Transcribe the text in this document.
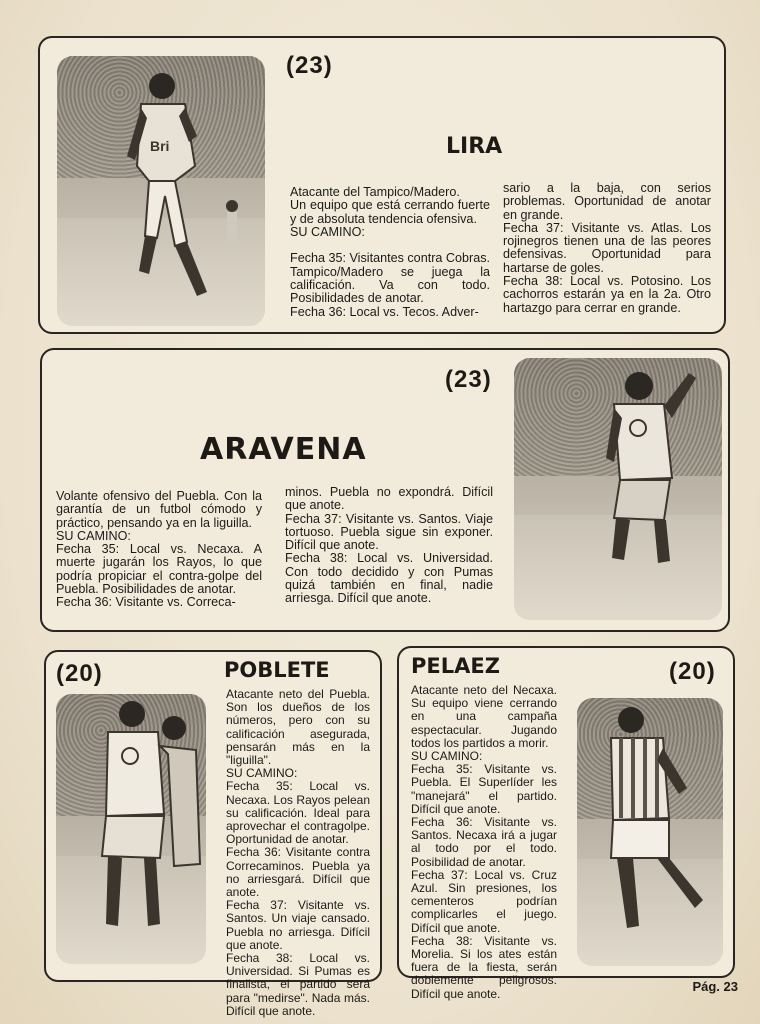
Bri
(23)
LIRA
Atacante del Tampico/Madero.
Un equipo que está cerrando fuerte y de absoluta tendencia ofensiva.
SU CAMINO:

Fecha 35: Visitantes contra Cobras. Tampico/Madero se juega la calificación. Va con todo. Posibilidades de anotar.
Fecha 36: Local vs. Tecos. Adver-
sario a la baja, con serios problemas. Oportunidad de anotar en grande.
Fecha 37: Visitante vs. Atlas. Los rojinegros tienen una de las peores defensivas. Oportunidad para hartarse de goles.
Fecha 38: Local vs. Potosino. Los cachorros estarán ya en la 2a. Otro hartazgo para cerrar en grande.
(23)
ARAVENA
Volante ofensivo del Puebla. Con la garantía de un futbol cómodo y práctico, pensando ya en la liguilla.
SU CAMINO:
Fecha 35: Local vs. Necaxa. A muerte jugarán los Rayos, lo que podría propiciar el contra-golpe del Puebla. Posibilidades de anotar.
Fecha 36: Visitante vs. Correca-
minos. Puebla no expondrá. Difícil que anote.
Fecha 37: Visitante vs. Santos. Viaje tortuoso. Puebla sigue sin exponer. Difícil que anote.
Fecha 38: Local vs. Universidad. Con todo decidido y con Pumas quizá también en final, nadie arriesga. Difícil que anote.
(20)	POBLETE
Atacante neto del Puebla. Son los dueños de los números, pero con su calificación asegurada, pensarán más en la "liguilla".
SU CAMINO:
Fecha 35: Local vs. Necaxa. Los Rayos pelean su calificación. Ideal para aprovechar el contragolpe. Oportunidad de anotar.
Fecha 36: Visitante contra Correcaminos. Puebla ya no arriesgará. Difícil que anote.
Fecha 37: Visitante vs. Santos. Un viaje cansado. Puebla no arriesga. Difícil que anote.
Fecha 38: Local vs. Universidad. Si Pumas es finalista, el partido será para "medirse". Nada más. Difícil que anote.
PELAEZ	(20)
Atacante neto del Necaxa. Su equipo viene cerrando en una campaña espectacular. Jugando todos los partidos a morir.
SU CAMINO:
Fecha 35: Visitante vs. Puebla. El Superlíder les "manejará" el partido. Difícil que anote.
Fecha 36: Visitante vs. Santos. Necaxa irá a jugar al todo por el todo. Posibilidad de anotar.
Fecha 37: Local vs. Cruz Azul. Sin presiones, los cementeros podrían complicarles el juego. Difícil que anote.
Fecha 38: Visitante vs. Morelia. Si los ates están fuera de la fiesta, serán doblemente peligrosos. Difícil que anote.	Pág. 23
